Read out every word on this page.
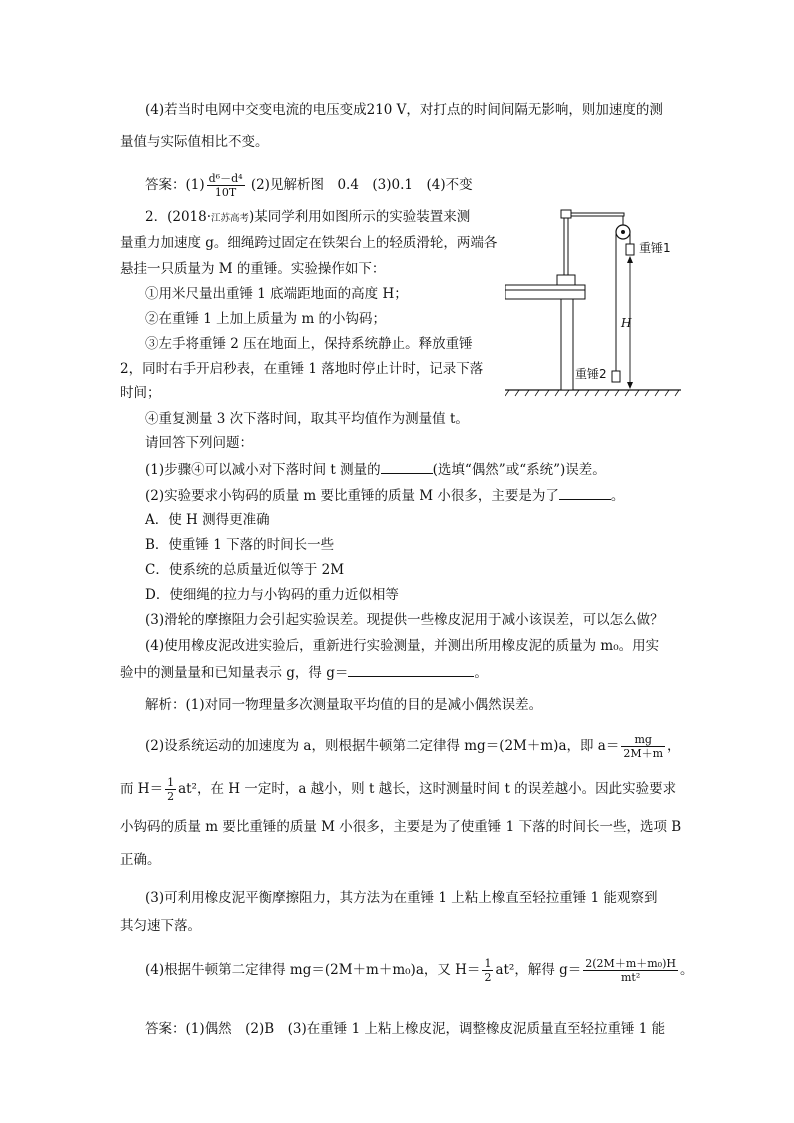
(4)若当时电网中交变电流的电压变成210 V，对打点的时间间隔无影响，则加速度的测
量值与实际值相比不变。
答案：$(1) \frac{\text{d⁶－d⁴}}{10T} (2)$见解析图　0.4　(3)0.1　(4)不变
2．(2018·江苏高考)某同学利用如图所示的实验装置来测
量重力加速度 g。细绳跨过固定在铁架台上的轻质滑轮，两端各
悬挂一只质量为 M 的重锤。实验操作如下：
①用米尺量出重锤 1 底端距地面的高度 H；
②在重锤 1 上加上质量为 m 的小钩码；
③左手将重锤 2 压在地面上，保持系统静止。释放重锤
2，同时右手开启秒表，在重锤 1 落地时停止计时，记录下落
时间；
④重复测量 3 次下落时间，取其平均值作为测量值 t。
请回答下列问题：
(1)步骤④可以减小对下落时间 t 测量的	(选填“偶然”或“系统”)误差。
(2)实验要求小钩码的质量 m 要比重锤的质量 M 小很多，主要是为了	。
A．使 H 测得更准确
B．使重锤 1 下落的时间长一些
C．使系统的总质量近似等于 2M
D．使细绳的拉力与小钩码的重力近似相等
(3)滑轮的摩擦阻力会引起实验误差。现提供一些橡皮泥用于减小该误差，可以怎么做？
(4)使用橡皮泥改进实验后，重新进行实验测量，并测出所用橡皮泥的质量为 m₀。用实
验中的测量量和已知量表示 g，得 g＝	。
解析：(1)对同一物理量多次测量取平均值的目的是减小偶然误差。
(2)设系统运动的加速度为 a，则根据牛顿第二定律得 mg＝(2M＋m)a，即 $a= \frac{mg}{2M+m}$ ，
而 $H= \frac{1}{2} at^2$，在 H 一定时，a 越小，则 t 越长，这时测量时间 t 的误差越小。因此实验要求
小钩码的质量 m 要比重锤的质量 M 小很多，主要是为了使重锤 1 下落的时间长一些，选项 B
正确。
(3)可利用橡皮泥平衡摩擦阻力，其方法为在重锤 1 上粘上橡直至轻拉重锤 1 能观察到
其匀速下落。
(4)根据牛顿第二定律得 mg＝(2M＋m＋m₀)a，又 $H= \frac{1}{2} at^2$，解得 $g= \frac{\text{2(2M＋m＋m₀)H}}{\text{mt²}}$ 。
答案：(1)偶然　(2)B　(3)在重锤 1 上粘上橡皮泥，调整橡皮泥质量直至轻拉重锤 1 能
重锤1
重锤2
H
